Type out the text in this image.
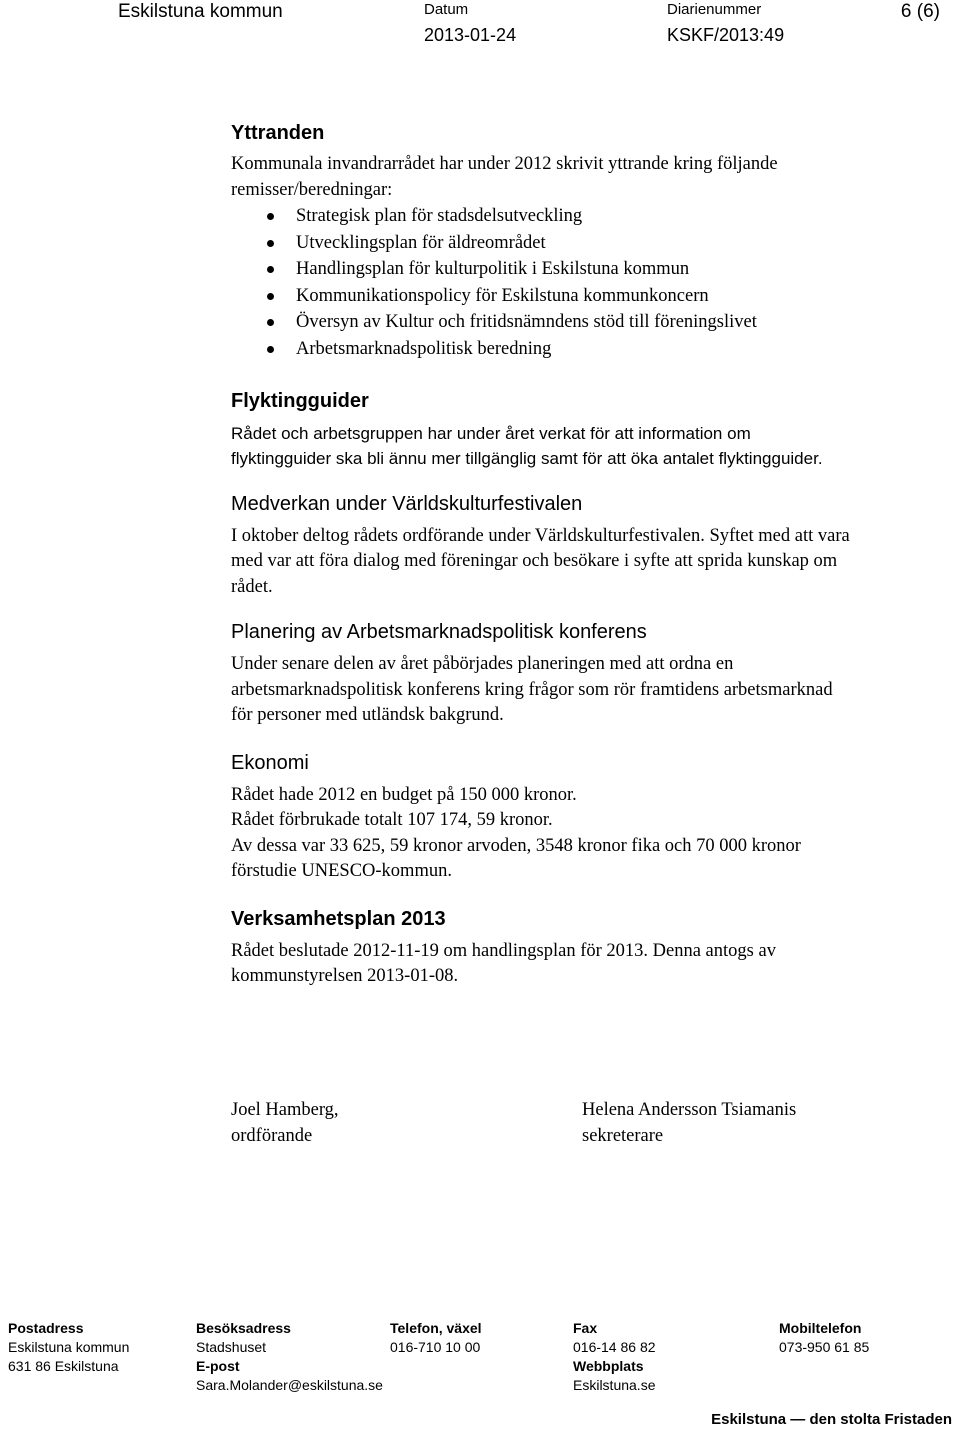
Eskilstuna kommun	Datum
2013-01-24
Diarienummer
KSKF/2013:49
6 (6)
Yttranden

Kommunala invandrarrådet har under 2012 skrivit yttrande kring följande

remisser/beredningar:

Strategisk plan för stadsdelsutveckling
Utvecklingsplan för äldreområdet
Handlingsplan för kulturpolitik i Eskilstuna kommun
Kommunikationspolicy för Eskilstuna kommunkoncern
Översyn av Kultur och fritidsnämndens stöd till föreningslivet
Arbetsmarknadspolitisk beredning
Flyktingguider

Rådet och arbetsgruppen har under året verkat för att information om

flyktingguider ska bli ännu mer tillgänglig samt för att öka antalet flyktingguider.

Medverkan under Världskulturfestivalen

I oktober deltog rådets ordförande under Världskulturfestivalen. Syftet med att vara

med var att föra dialog med föreningar och besökare i syfte att sprida kunskap om

rådet.

Planering av Arbetsmarknadspolitisk konferens

Under senare delen av året påbörjades planeringen med att ordna en

arbetsmarknadspolitisk konferens kring frågor som rör framtidens arbetsmarknad

för personer med utländsk bakgrund.

Ekonomi

Rådet hade 2012 en budget på 150 000 kronor.

Rådet förbrukade totalt 107 174, 59 kronor.

Av dessa var 33 625, 59 kronor arvoden, 3548 kronor fika och 70 000 kronor

förstudie UNESCO-kommun.

Verksamhetsplan 2013

Rådet beslutade 2012-11-19 om handlingsplan för 2013. Denna antogs av

kommunstyrelsen 2013-01-08.

Joel Hamberg,
ordförande
Helena Andersson Tsiamanis
sekreterare
Postadress
Eskilstuna kommun
631 86 Eskilstuna
Besöksadress
Stadshuset
E-post
Sara.Molander@eskilstuna.se
Telefon, växel
016-710 10 00
Fax
016-14 86 82
Webbplats
Eskilstuna.se
Mobiltelefon
073-950 61 85
Eskilstuna — den stolta Fristaden
